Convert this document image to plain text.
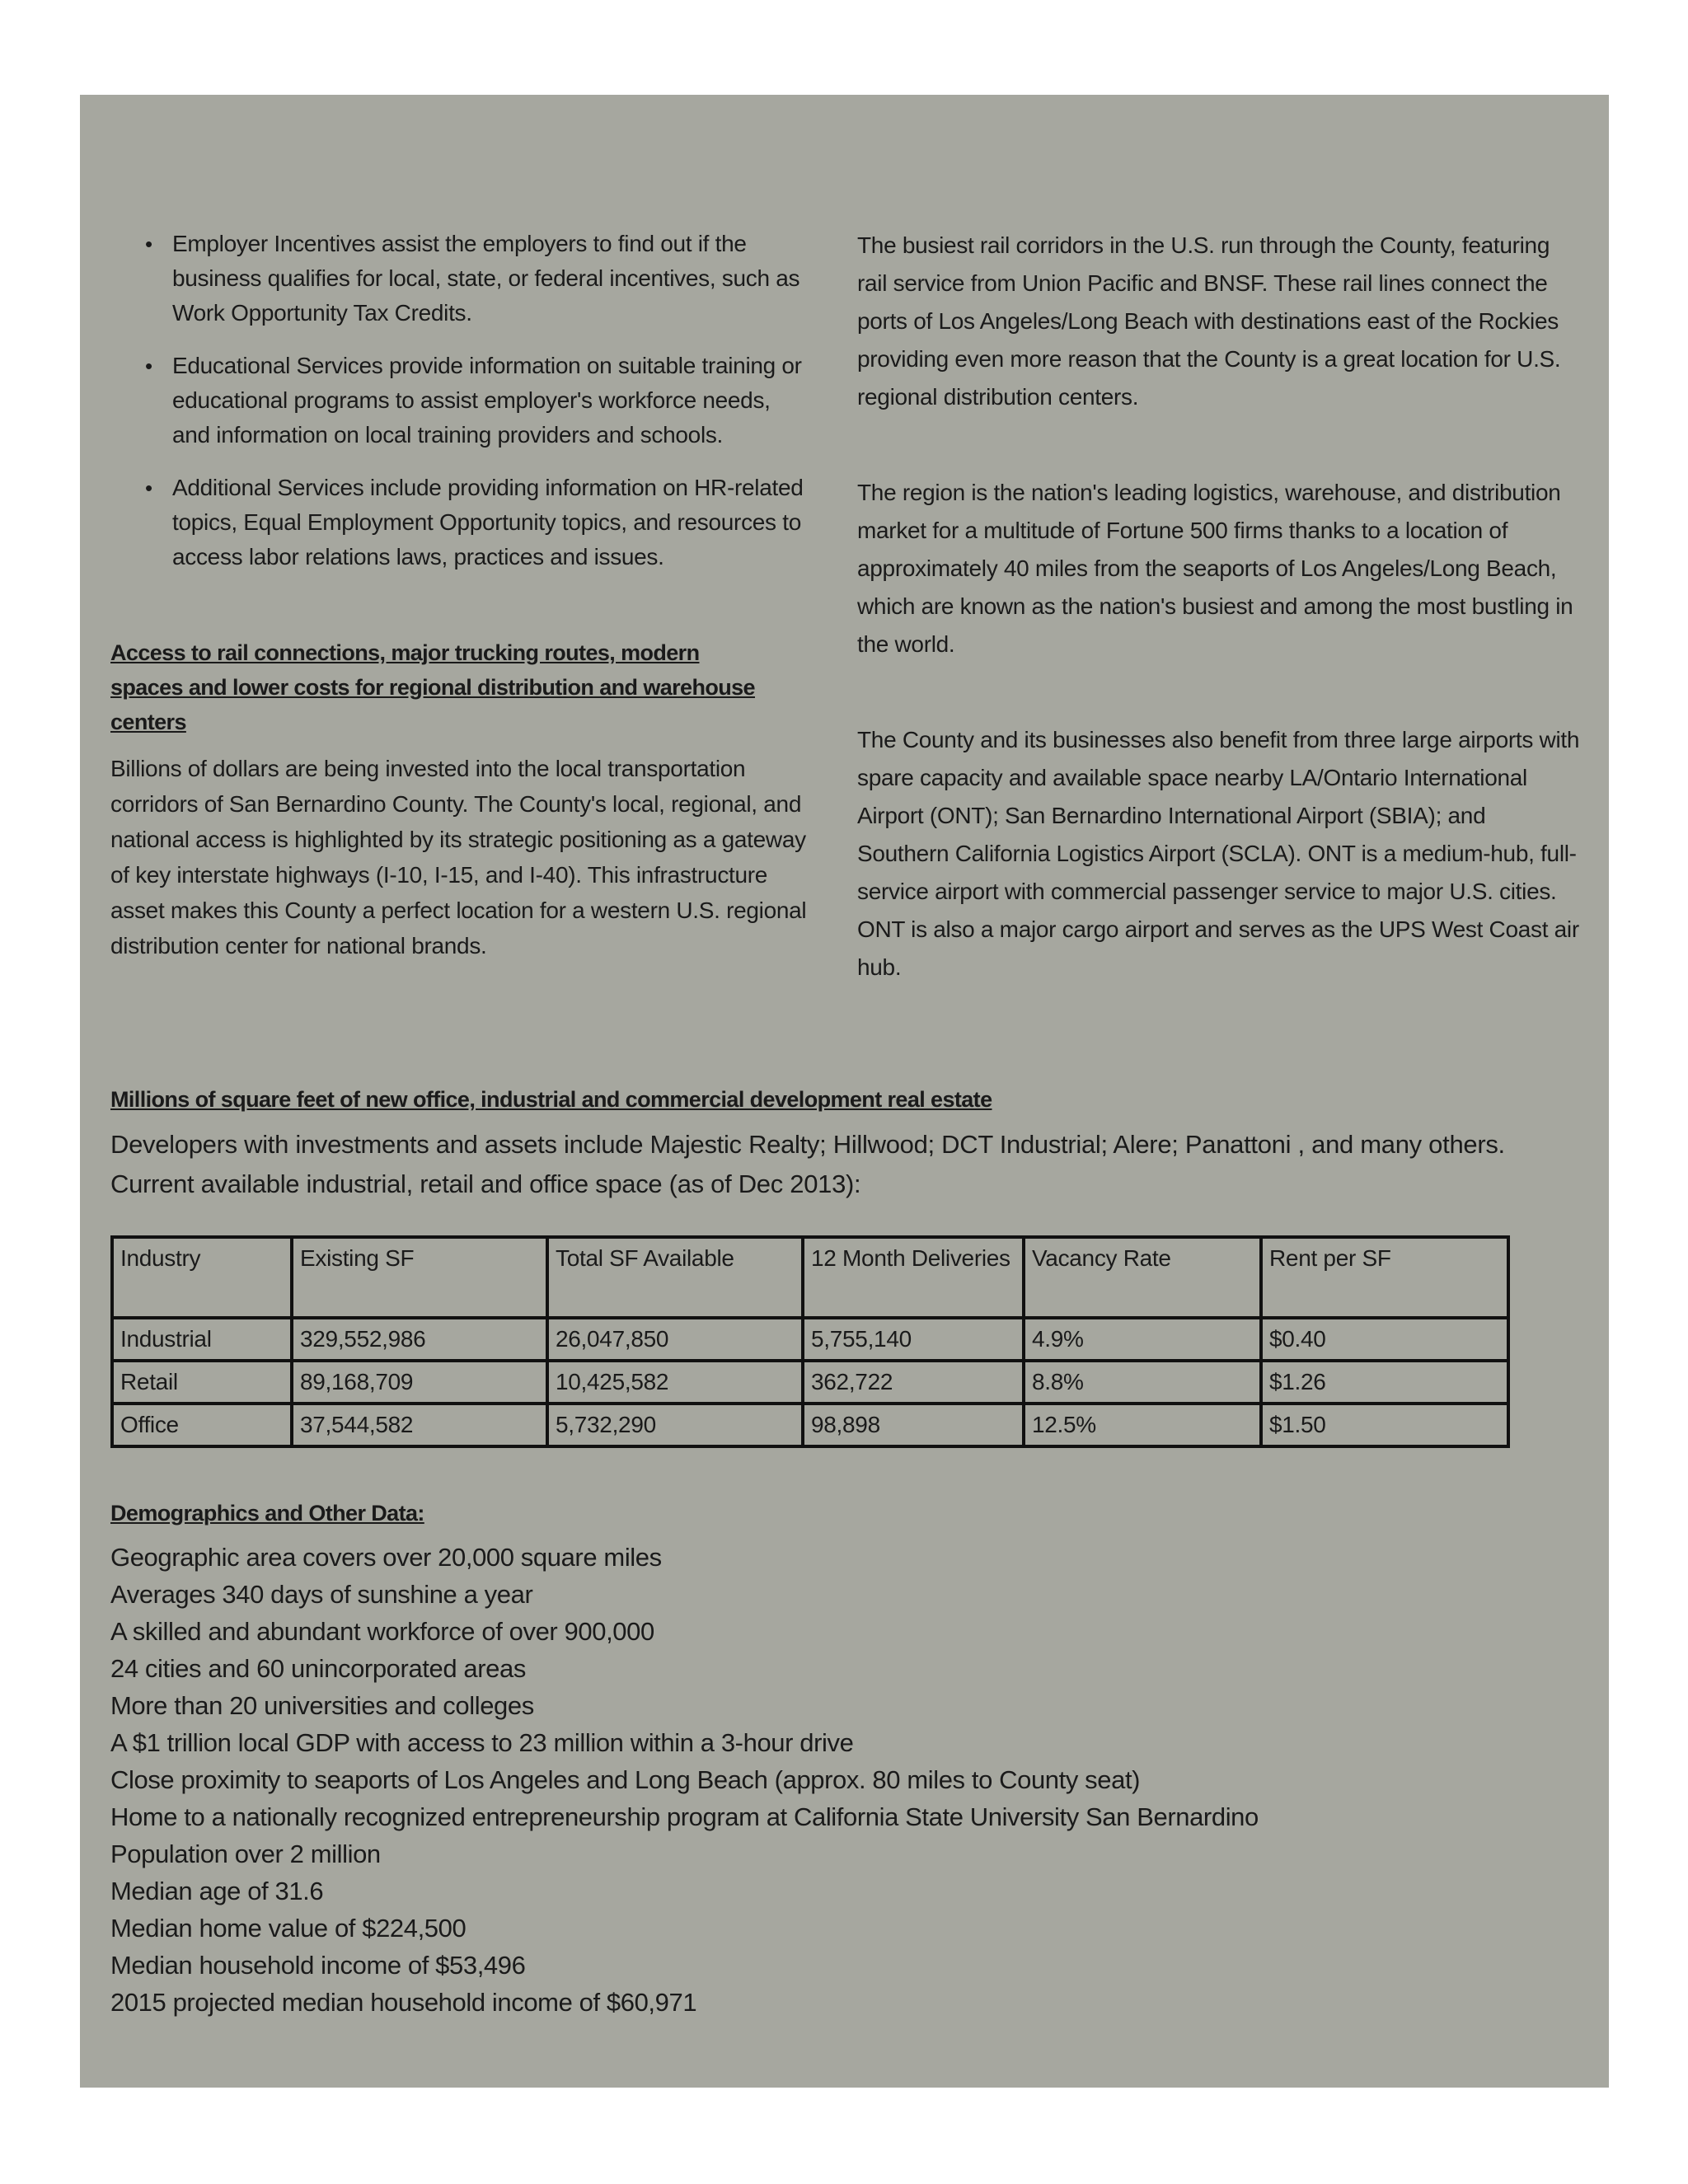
• Employer Incentives assist the employers to find out if the business qualifies for local, state, or federal incentives, such as Work Opportunity Tax Credits.
• Educational Services provide information on suitable training or educational programs to assist employer's workforce needs, and information on local training providers and schools.
• Additional Services include providing information on HR-related topics, Equal Employment Opportunity topics, and resources to access labor relations laws, practices and issues.
Access to rail connections, major trucking routes, modern spaces and lower costs for regional distribution and warehouse centers

Billions of dollars are being invested into the local transportation corridors of San Bernardino County. The County's local, regional, and national access is highlighted by its strategic positioning as a gateway of key interstate highways (I-10, I-15, and I-40). This infrastructure asset makes this County a perfect location for a western U.S. regional distribution center for national brands.

The busiest rail corridors in the U.S. run through the County, featuring rail service from Union Pacific and BNSF. These rail lines connect the ports of Los Angeles/Long Beach with destinations east of the Rockies providing even more reason that the County is a great location for U.S. regional distribution centers.

The region is the nation's leading logistics, warehouse, and distribution market for a multitude of Fortune 500 firms thanks to a location of approximately 40 miles from the seaports of Los Angeles/Long Beach, which are known as the nation's busiest and among the most bustling in the world.

The County and its businesses also benefit from three large airports with spare capacity and available space nearby LA/Ontario International Airport (ONT); San Bernardino International Airport (SBIA); and Southern California Logistics Airport (SCLA). ONT is a medium-hub, full-service airport with commercial passenger service to major U.S. cities. ONT is also a major cargo airport and serves as the UPS West Coast air hub.

Millions of square feet of new office, industrial and commercial development real estate
Developers with investments and assets include Majestic Realty; Hillwood; DCT Industrial; Alere; Panattoni , and many others. Current available industrial, retail and office space (as of Dec 2013):
Industry	Existing SF	Total SF Available	12 Month Deliveries	Vacancy Rate	Rent per SF
Industrial	329,552,986	26,047,850	5,755,140	4.9%	$0.40
Retail	89,168,709	10,425,582	362,722	8.8%	$1.26
Office	37,544,582	5,732,290	98,898	12.5%	$1.50
Demographics and Other Data:
Geographic area covers over 20,000 square miles
Averages 340 days of sunshine a year
A skilled and abundant workforce of over 900,000
24 cities and 60 unincorporated areas
More than 20 universities and colleges
A $1 trillion local GDP with access to 23 million within a 3-hour drive
Close proximity to seaports of Los Angeles and Long Beach (approx. 80 miles to County seat)
Home to a nationally recognized entrepreneurship program at California State University San Bernardino
Population over 2 million
Median age of 31.6
Median home value of $224,500
Median household income of $53,496
2015 projected median household income of $60,971
